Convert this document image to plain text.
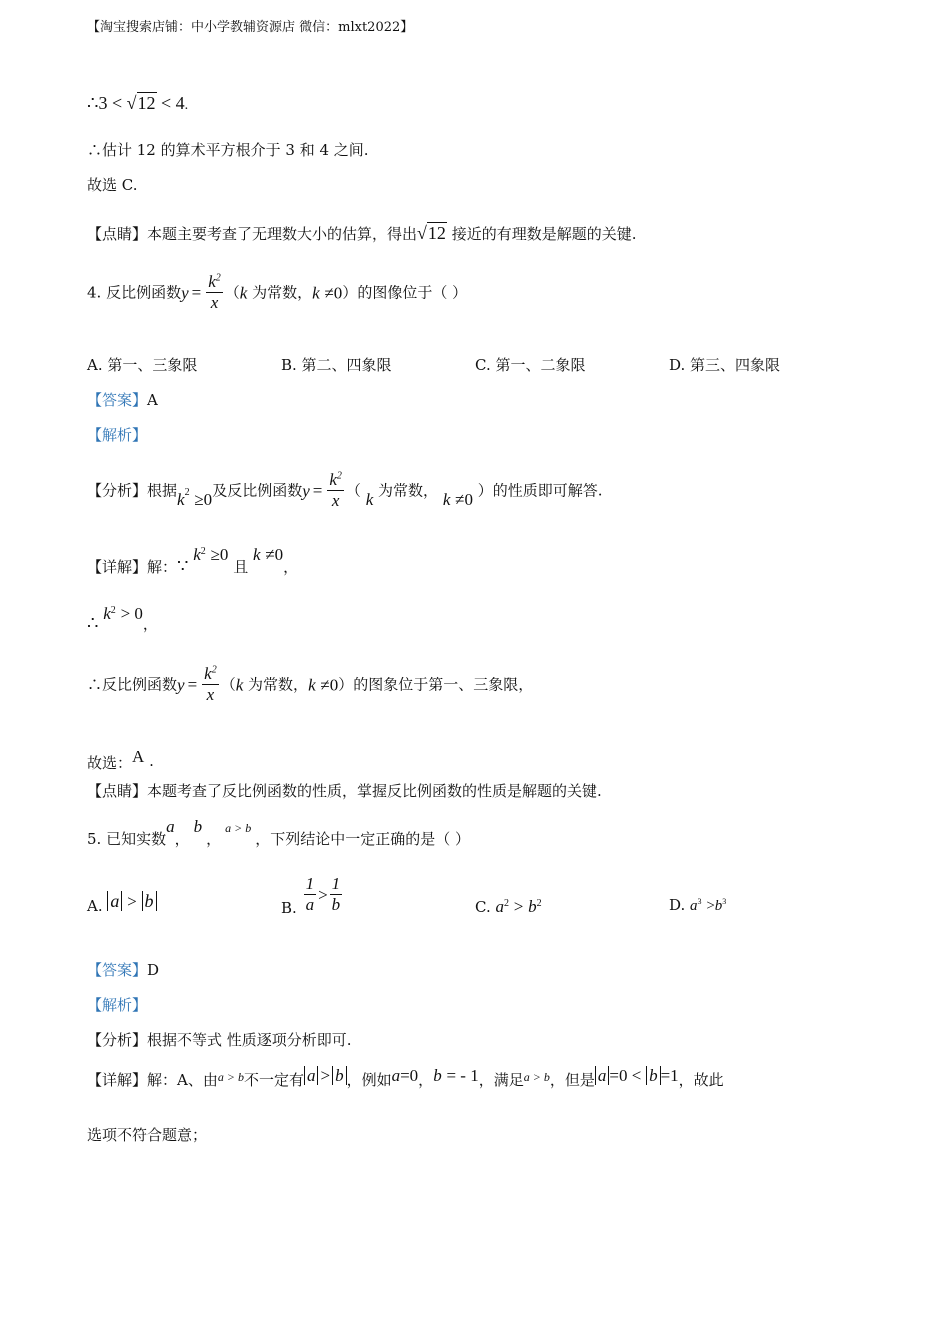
【淘宝搜索店铺：中小学教辅资源店 微信：mlxt2022】
∴3 < √12 < 4.
∴估计 12 的算术平方根介于 3 和 4 之间.
故选 C.
【点睛】本题主要考查了无理数大小的估算，得出√12 接近的有理数是解题的关键.
4. 反比例函数$y = \frac{k^2}{x} (k$ 为常数，k ≠0）的图像位于（ ）
A. 第一、三象限	B. 第二、四象限	C. 第一、二象限	D. 第三、四象限
【答案】A
【解析】
【分析】根据k2 ≥0及反比例函数$y = \frac{k^2}{x}$ （ k 为常数， k ≠0 ）的性质即可解答.
【详解】解：∵ $k^2 \ge 0$ 且 k ≠0，
∴ $k^2 > 0$，
∴反比例函数$y = \frac{k^2}{x} (k$ 为常数，k ≠0）的图象位于第一、三象限，
故选：A .
【点睛】本题考查了反比例函数的性质，掌握反比例函数的性质是解题的关键.
5. 已知实数a，b，a > b，下列结论中一定正确的是（ ）
A. a > b	B. $\frac{1}{a} > \frac{1}{b}$	C. $a^2 > b^2$	D. $a^3 >b^3$
【答案】D
【解析】
【分析】根据不等式 性质逐项分析即可.
【详解】解：A、由a > b不一定有 a > b ，例如a=0，b = - 1，满足a > b，但是 a =0 < b =1，故此
选项不符合题意；
